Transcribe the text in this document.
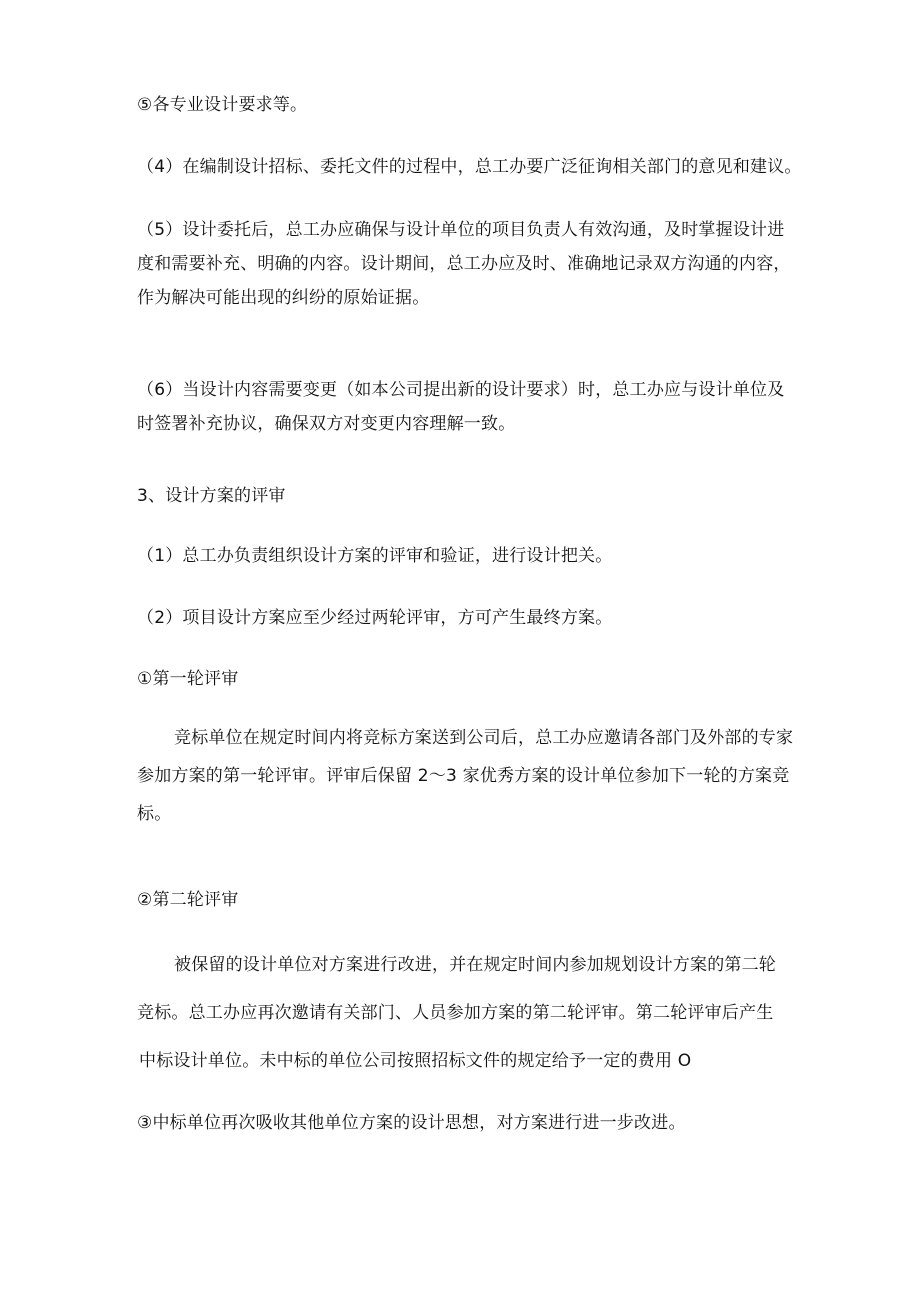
⑤各专业设计要求等。
（4）在编制设计招标、委托文件的过程中，总工办要广泛征询相关部门的意见和建议。
（5）设计委托后，总工办应确保与设计单位的项目负责人有效沟通，及时掌握设计进
度和需要补充、明确的内容。设计期间，总工办应及时、准确地记录双方沟通的内容，
作为解决可能出现的纠纷的原始证据。
（6）当设计内容需要变更（如本公司提出新的设计要求）时，总工办应与设计单位及
时签署补充协议，确保双方对变更内容理解一致。
3、设计方案的评审
（1）总工办负责组织设计方案的评审和验证，进行设计把关。
（2）项目设计方案应至少经过两轮评审，方可产生最终方案。
①第一轮评审
竞标单位在规定时间内将竞标方案送到公司后，总工办应邀请各部门及外部的专家
参加方案的第一轮评审。评审后保留 2～3 家优秀方案的设计单位参加下一轮的方案竞
标。
②第二轮评审
被保留的设计单位对方案进行改进，并在规定时间内参加规划设计方案的第二轮
竞标。总工办应再次邀请有关部门、人员参加方案的第二轮评审。第二轮评审后产生
中标设计单位。未中标的单位公司按照招标文件的规定给予一定的费用 O
③中标单位再次吸收其他单位方案的设计思想，对方案进行进一步改进。
